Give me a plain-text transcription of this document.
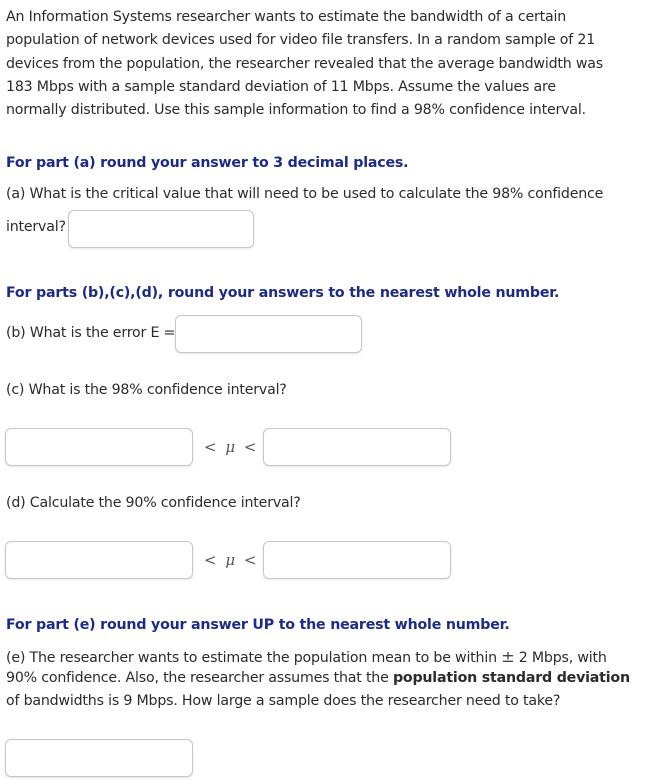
An Information Systems researcher wants to estimate the bandwidth of a certain
population of network devices used for video file transfers. In a random sample of 21
devices from the population, the researcher revealed that the average bandwidth was
183 Mbps with a sample standard deviation of 11 Mbps. Assume the values are
normally distributed. Use this sample information to find a 98% confidence interval.
For part (a) round your answer to 3 decimal places.
(a) What is the critical value that will need to be used to calculate the 98% confidence
interval?
For parts (b),(c),(d), round your answers to the nearest whole number.
(b) What is the error E =
(c) What is the 98% confidence interval?
< μ <
(d) Calculate the 90% confidence interval?
< μ <
For part (e) round your answer UP to the nearest whole number.
(e) The researcher wants to estimate the population mean to be within ± 2 Mbps, with
90% confidence. Also, the researcher assumes that the population standard deviation
of bandwidths is 9 Mbps. How large a sample does the researcher need to take?
